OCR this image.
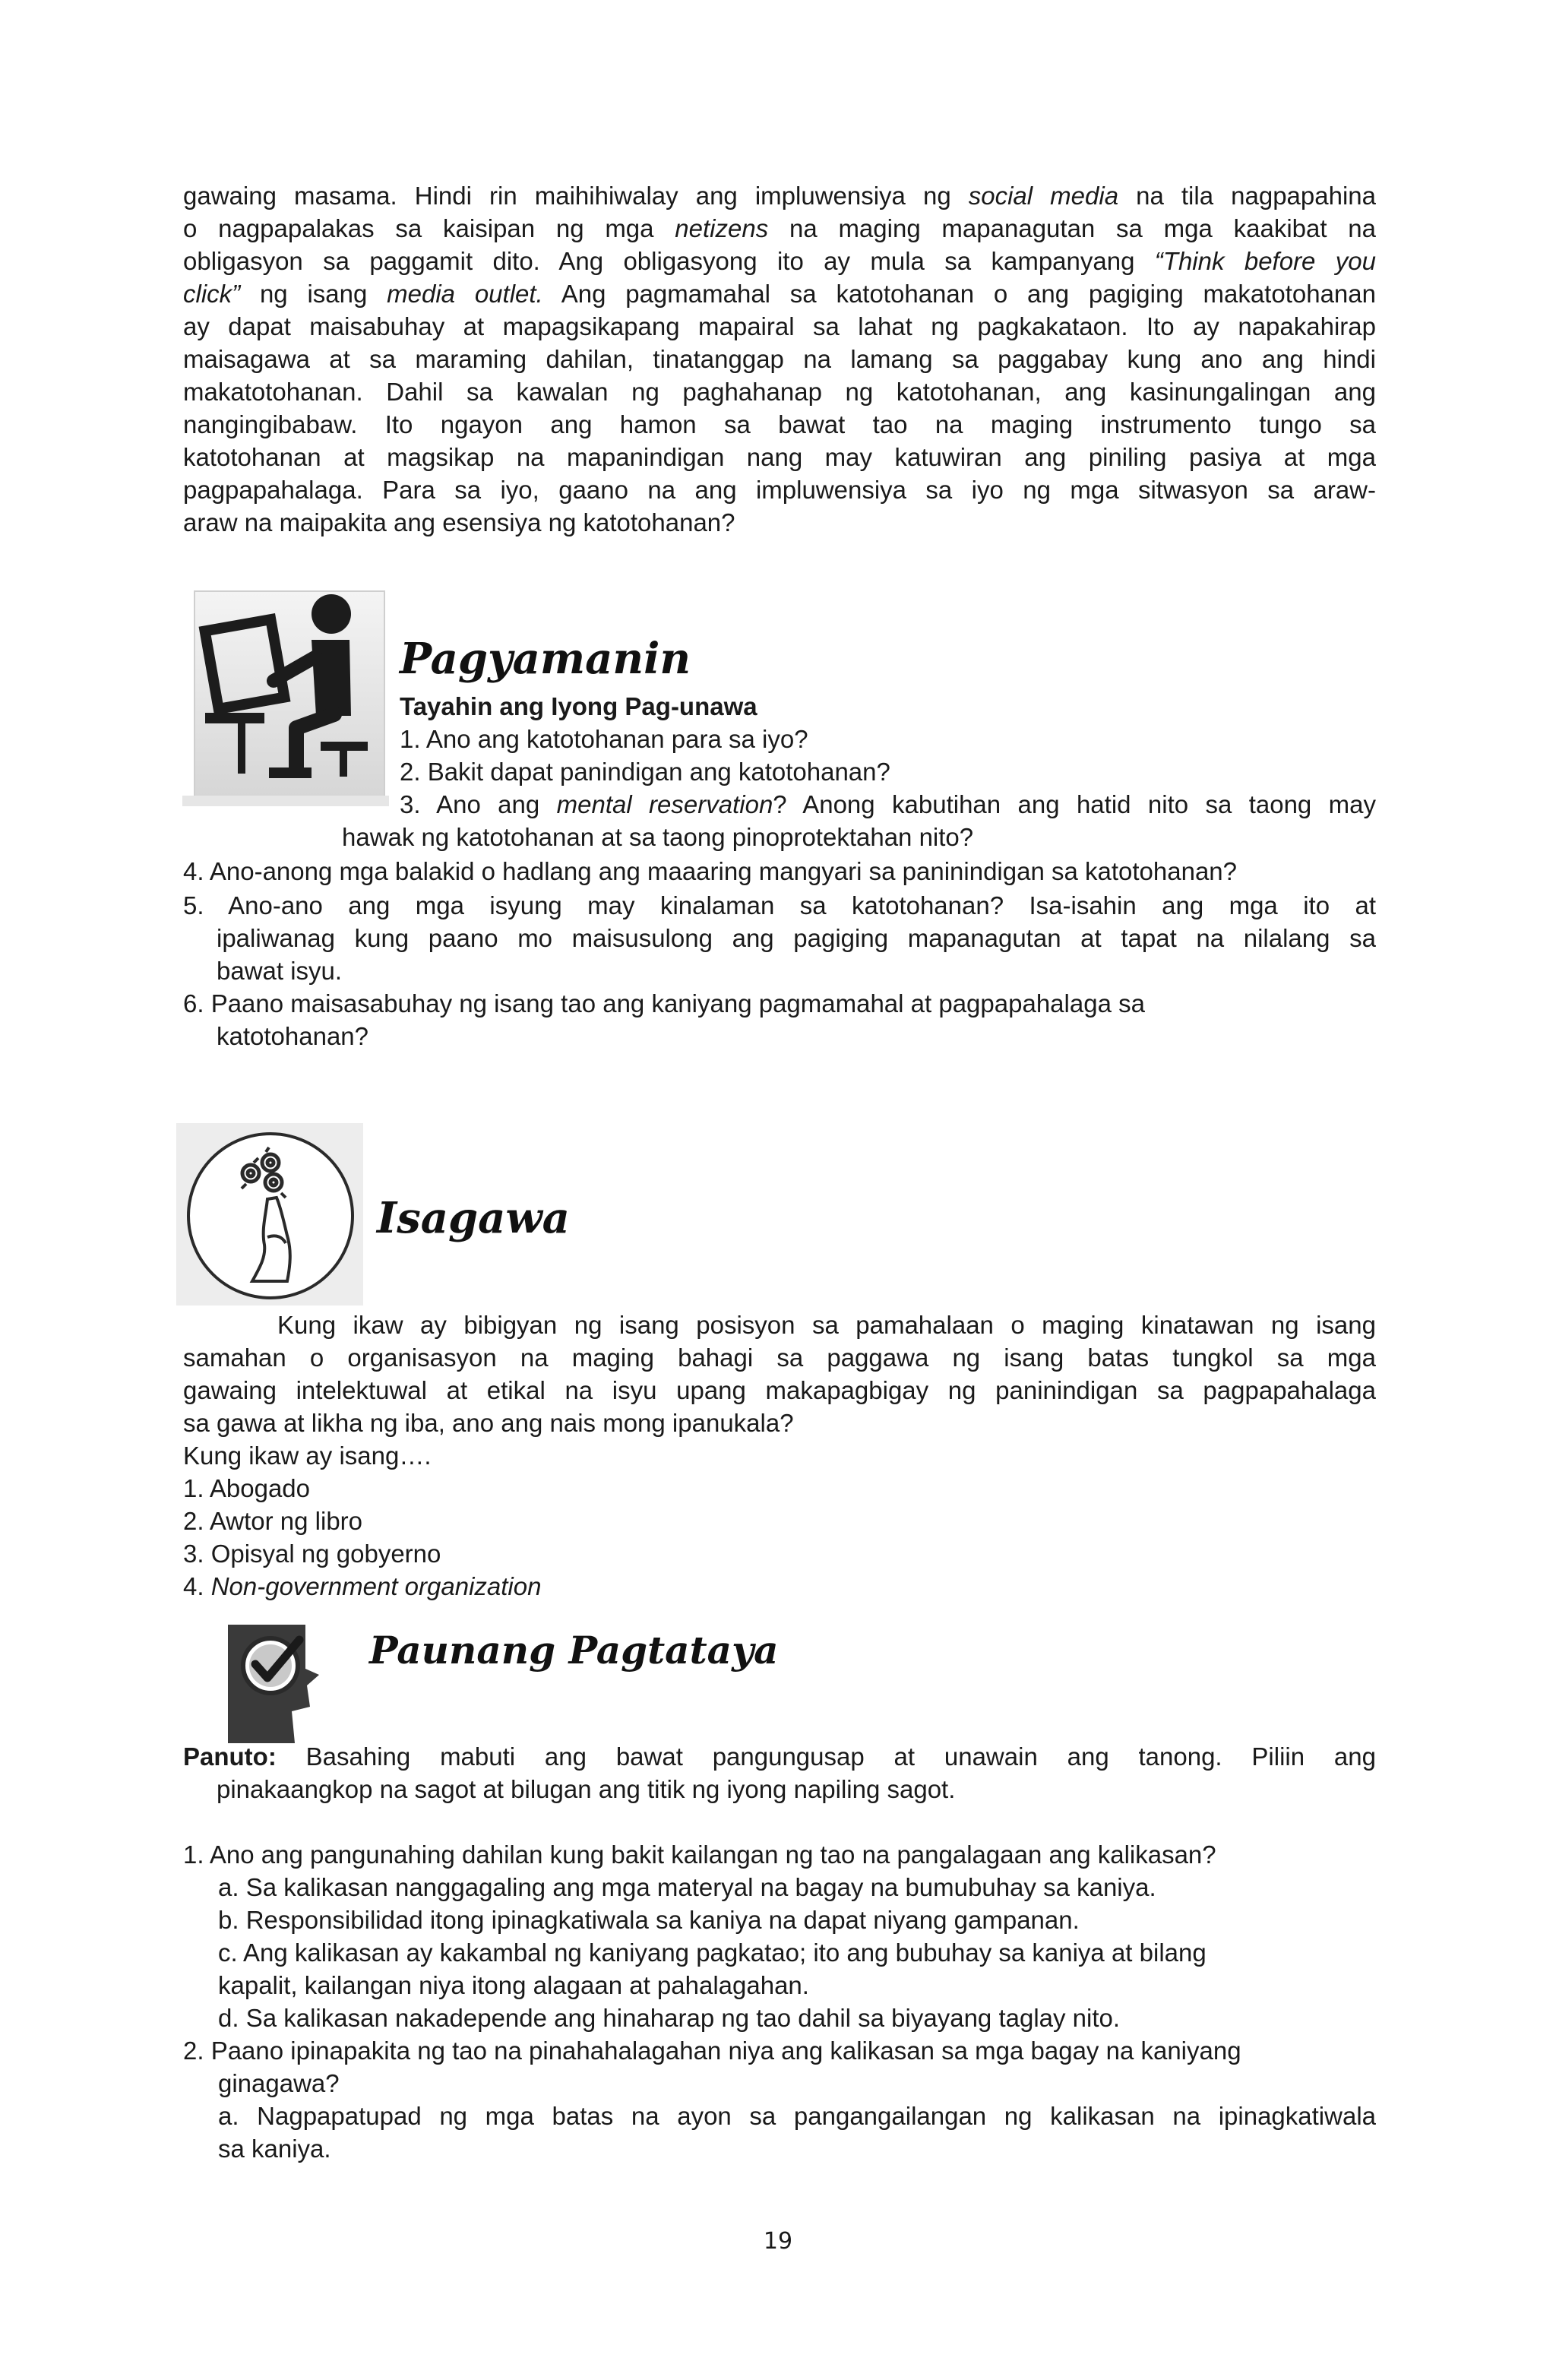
gawaing masama. Hindi rin maihihiwalay ang impluwensiya ng social media na tila nagpapahina
o nagpapalakas sa kaisipan ng mga netizens na maging mapanagutan sa mga kaakibat na
obligasyon sa paggamit dito. Ang obligasyong ito ay mula sa kampanyang “Think before you
click” ng isang media outlet. Ang pagmamahal sa katotohanan o ang pagiging makatotohanan
ay dapat maisabuhay at mapagsikapang mapairal sa lahat ng pagkakataon. Ito ay napakahirap
maisagawa at sa maraming dahilan, tinatanggap na lamang sa paggabay kung ano ang hindi
makatotohanan. Dahil sa kawalan ng paghahanap ng katotohanan, ang kasinungalingan ang
nangingibabaw. Ito ngayon ang hamon sa bawat tao na maging instrumento tungo sa
katotohanan at magsikap na mapanindigan nang may katuwiran ang piniling pasiya at mga
pagpapahalaga. Para sa iyo, gaano na ang impluwensiya sa iyo ng mga sitwasyon sa araw-
araw na maipakita ang esensiya ng katotohanan?
Pagyamanin
Tayahin ang Iyong Pag-unawa
1. Ano ang katotohanan para sa iyo?
2. Bakit dapat panindigan ang katotohanan?
3. Ano ang mental reservation? Anong kabutihan ang hatid nito sa taong may
hawak ng katotohanan at sa taong pinoprotektahan nito?
4. Ano-anong mga balakid o hadlang ang maaaring mangyari sa paninindigan sa katotohanan?
5. Ano-ano ang mga isyung may kinalaman sa katotohanan? Isa-isahin ang mga ito at
ipaliwanag kung paano mo maisusulong ang pagiging mapanagutan at tapat na nilalang sa
bawat isyu.
6. Paano maisasabuhay ng isang tao ang kaniyang pagmamahal at pagpapahalaga sa
katotohanan?
Isagawa
Kung ikaw ay bibigyan ng isang posisyon sa pamahalaan o maging kinatawan ng isang
samahan o organisasyon na maging bahagi sa paggawa ng isang batas tungkol sa mga
gawaing intelektuwal at etikal na isyu upang makapagbigay ng paninindigan sa pagpapahalaga
sa gawa at likha ng iba, ano ang nais mong ipanukala?
Kung ikaw ay isang….
1. Abogado
2. Awtor ng libro
3. Opisyal ng gobyerno
4. Non-government organization
Paunang Pagtataya
Panuto: Basahing mabuti ang bawat pangungusap at unawain ang tanong. Piliin ang
pinakaangkop na sagot at bilugan ang titik ng iyong napiling sagot.
1. Ano ang pangunahing dahilan kung bakit kailangan ng tao na pangalagaan ang kalikasan?
a. Sa kalikasan nanggagaling ang mga materyal na bagay na bumubuhay sa kaniya.
b. Responsibilidad itong ipinagkatiwala sa kaniya na dapat niyang gampanan.
c. Ang kalikasan ay kakambal ng kaniyang pagkatao; ito ang bubuhay sa kaniya at bilang
kapalit, kailangan niya itong alagaan at pahalagahan.
d. Sa kalikasan nakadepende ang hinaharap ng tao dahil sa biyayang taglay nito.
2. Paano ipinapakita ng tao na pinahahalagahan niya ang kalikasan sa mga bagay na kaniyang
ginagawa?
a. Nagpapatupad ng mga batas na ayon sa pangangailangan ng kalikasan na ipinagkatiwala
sa kaniya.
19
